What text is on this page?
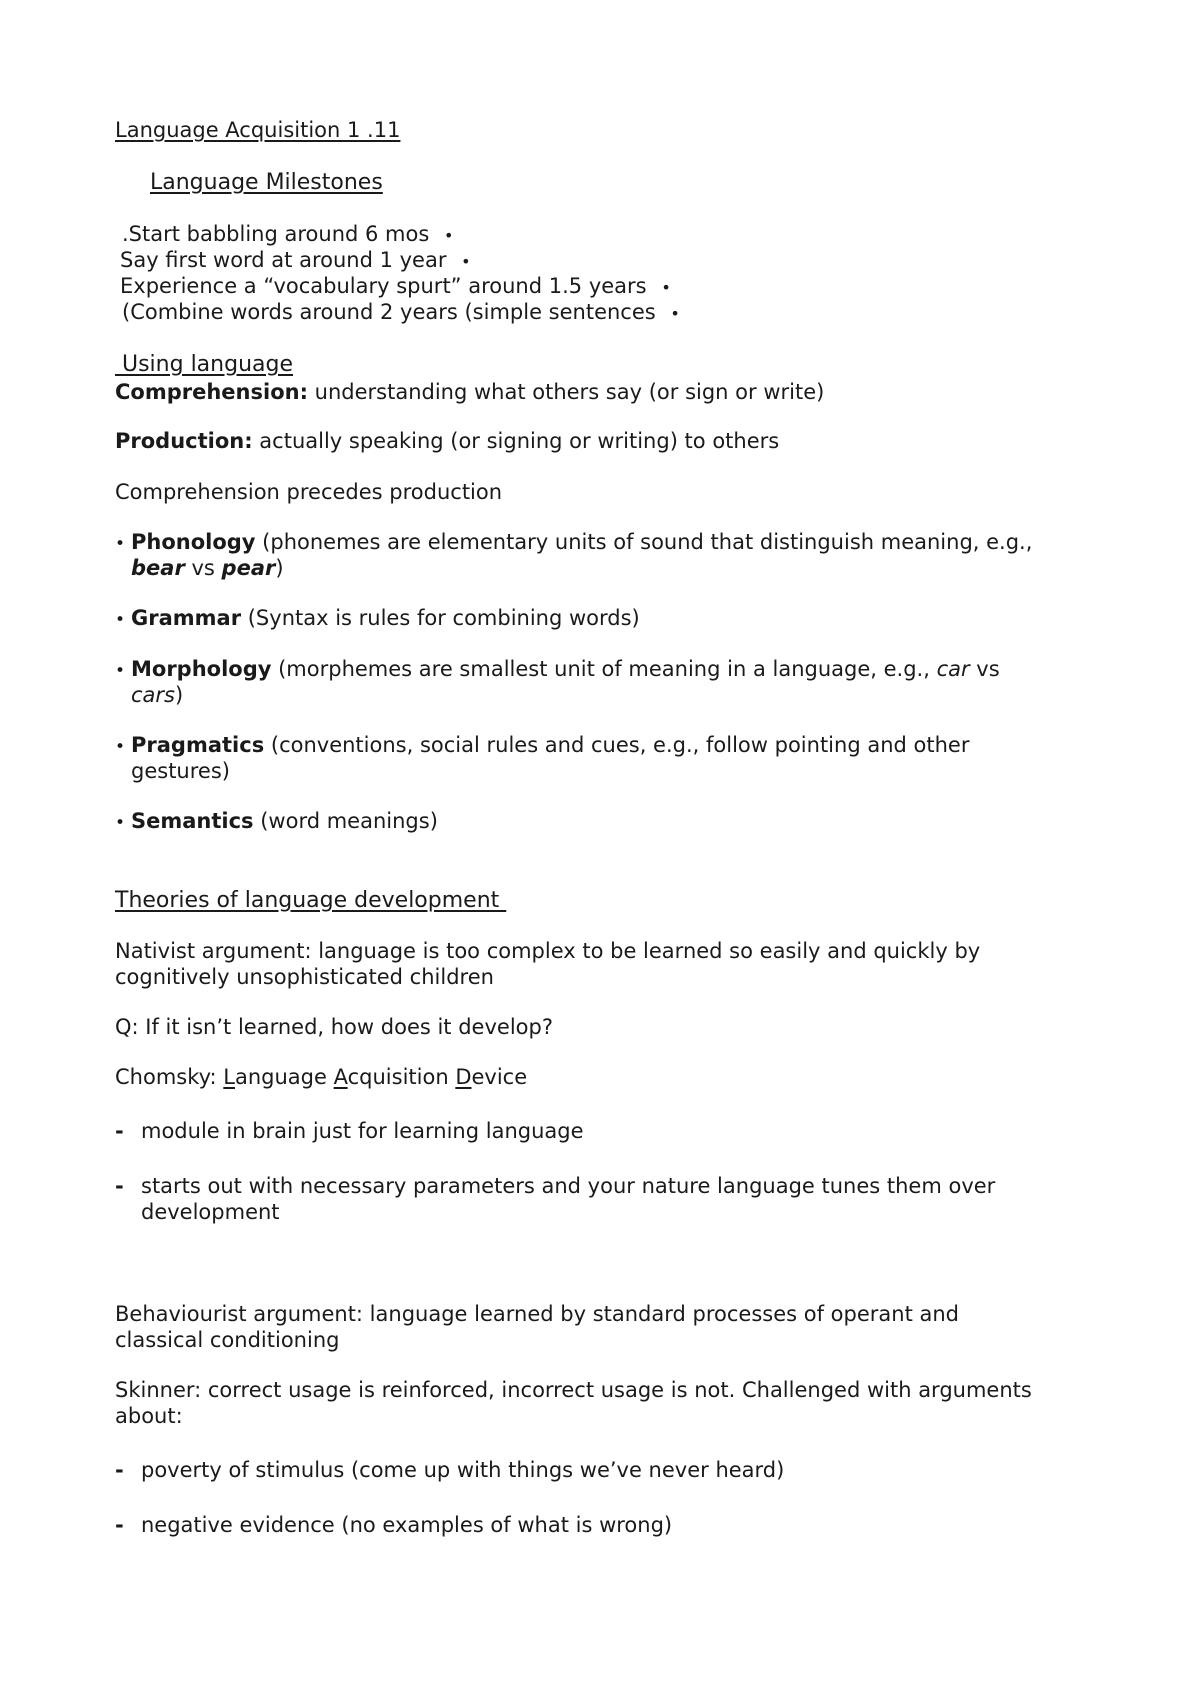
Language Acquisition 1 .11
Language Milestones
.Start babbling around 6 mos •
Say first word at around 1 year •
Experience a “vocabulary spurt” around 1.5 years •
(Combine words around 2 years (simple sentences •
Using language
Comprehension: understanding what others say (or sign or write)
Production: actually speaking (or signing or writing) to others
Comprehension precedes production
• Phonology (phonemes are elementary units of sound that distinguish meaning, e.g.,
bear vs pear)
• Grammar (Syntax is rules for combining words)
• Morphology (morphemes are smallest unit of meaning in a language, e.g., car vs
cars)
• Pragmatics (conventions, social rules and cues, e.g., follow pointing and other
gestures)
• Semantics (word meanings)
Theories of language development
Nativist argument: language is too complex to be learned so easily and quickly by
cognitively unsophisticated children
Q: If it isn’t learned, how does it develop?
Chomsky: Language Acquisition Device
- module in brain just for learning language
- starts out with necessary parameters and your nature language tunes them over
development
Behaviourist argument: language learned by standard processes of operant and
classical conditioning
Skinner: correct usage is reinforced, incorrect usage is not. Challenged with arguments
about:
- poverty of stimulus (come up with things we’ve never heard)
- negative evidence (no examples of what is wrong)
